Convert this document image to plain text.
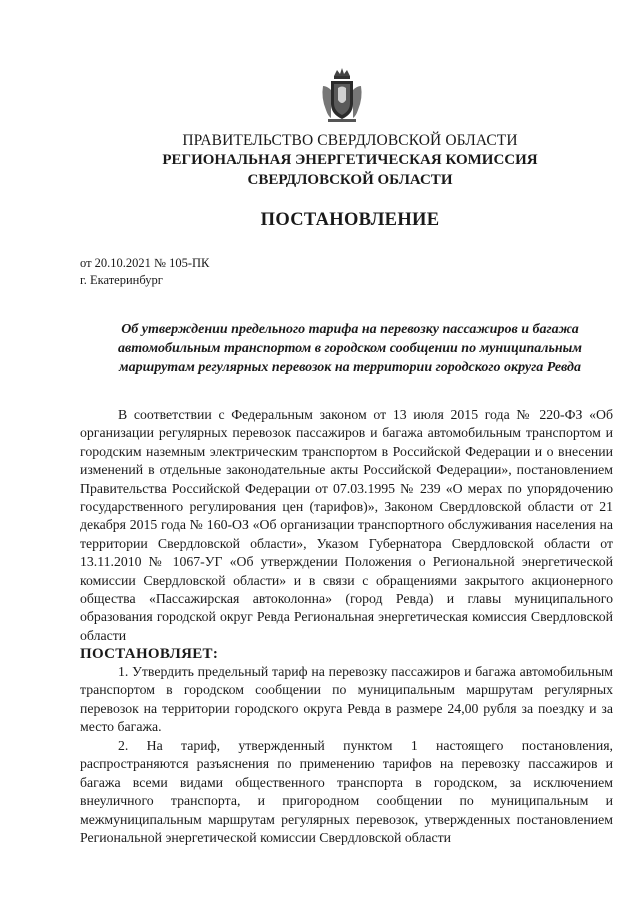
ПРАВИТЕЛЬСТВО СВЕРДЛОВСКОЙ ОБЛАСТИ
РЕГИОНАЛЬНАЯ ЭНЕРГЕТИЧЕСКАЯ КОМИССИЯ
СВЕРДЛОВСКОЙ ОБЛАСТИ
ПОСТАНОВЛЕНИЕ
от 20.10.2021 № 105-ПК
г. Екатеринбург
Об утверждении предельного тарифа на перевозку пассажиров и багажа автомобильным транспортом в городском сообщении по муниципальным маршрутам регулярных перевозок на территории городского округа Ревда
В соответствии с Федеральным законом от 13 июля 2015 года № 220-ФЗ «Об организации регулярных перевозок пассажиров и багажа автомобильным транспортом и городским наземным электрическим транспортом в Российской Федерации и о внесении изменений в отдельные законодательные акты Российской Федерации», постановлением Правительства Российской Федерации от 07.03.1995 № 239 «О мерах по упорядочению государственного регулирования цен (тарифов)», Законом Свердловской области от 21 декабря 2015 года № 160-ОЗ «Об организации транспортного обслуживания населения на территории Свердловской области», Указом Губернатора Свердловской области от 13.11.2010 № 1067-УГ «Об утверждении Положения о Региональной энергетической комиссии Свердловской области» и в связи с обращениями закрытого акционерного общества «Пассажирская автоколонна» (город Ревда) и главы муниципального образования городской округ Ревда Региональная энергетическая комиссия Свердловской области
ПОСТАНОВЛЯЕТ:
1. Утвердить предельный тариф на перевозку пассажиров и багажа автомобильным транспортом в городском сообщении по муниципальным маршрутам регулярных перевозок на территории городского округа Ревда в размере 24,00 рубля за поездку и за место багажа.
2. На тариф, утвержденный пунктом 1 настоящего постановления, распространяются разъяснения по применению тарифов на перевозку пассажиров и багажа всеми видами общественного транспорта в городском, за исключением внеуличного транспорта, и пригородном сообщении по муниципальным и межмуниципальным маршрутам регулярных перевозок, утвержденных постановлением Региональной энергетической комиссии Свердловской области
